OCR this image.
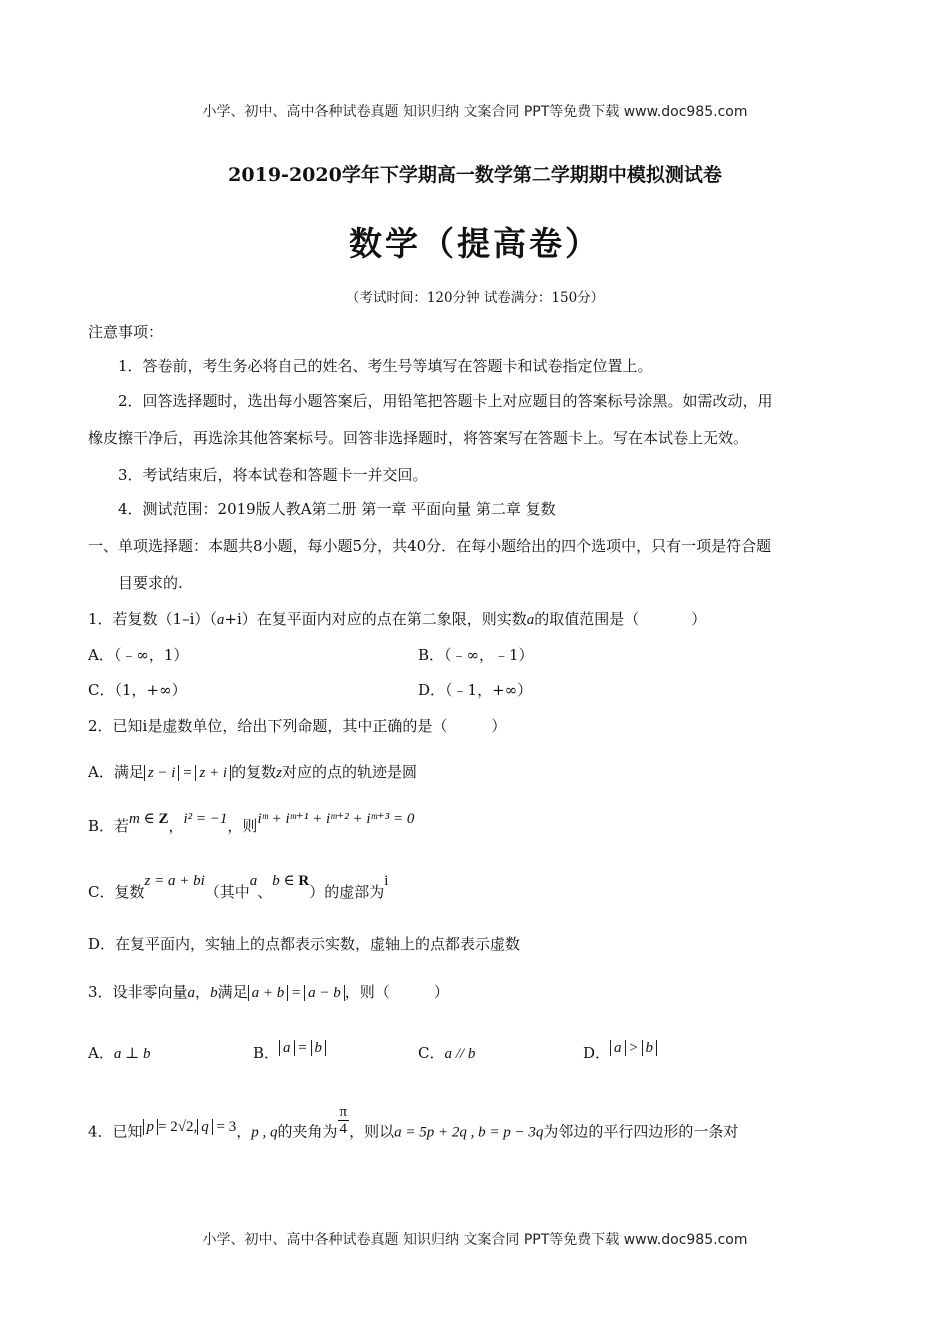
小学、初中、高中各种试卷真题 知识归纳 文案合同 PPT等免费下载 www.doc985.com
2019-2020学年下学期高一数学第二学期期中模拟测试卷
数学（提高卷）
（考试时间：120分钟 试卷满分：150分）

注意事项：

1．答卷前，考生务必将自己的姓名、考生号等填写在答题卡和试卷指定位置上。

2．回答选择题时，选出每小题答案后，用铅笔把答题卡上对应题目的答案标号涂黑。如需改动，用

橡皮擦干净后，再选涂其他答案标号。回答非选择题时，将答案写在答题卡上。写在本试卷上无效。

3．考试结束后，将本试卷和答题卡一并交回。

4．测试范围：2019版人教A第二册 第一章 平面向量 第二章 复数

一、单项选择题：本题共8小题，每小题5分，共40分．在每小题给出的四个选项中，只有一项是符合题

目要求的.

1．若复数（1–i）（a+i）在复平面内对应的点在第二象限，则实数a的取值范围是（	）

A．（﹣∞，1）	B．（﹣∞，﹣1）

C．（1，+∞）	D．（﹣1，+∞）

2．已知i是虚数单位，给出下列命题，其中正确的是（	）

A．满足 z − i = z + i 的复数z对应的点的轨迹是圆

B．若m ∈ Z，i² = −1，则iᵐ + iᵐ⁺¹ + iᵐ⁺² + iᵐ⁺³ = 0

C．复数z = a + bi（其中a、b ∈ R）的虚部为i

D．在复平面内，实轴上的点都表示实数，虚轴上的点都表示虚数

3．设非零向量a，b满足 a + b = a − b ，则（	）

A．a ⊥ b	B． a = b	C．a // b	D． a > b

4．已知 p = 2√2, q = 3，p , q的夹角为 $\frac{\pi}{4}$ ，则以a = 5p + 2q , b = p − 3q为邻边的平行四边形的一条对

小学、初中、高中各种试卷真题 知识归纳 文案合同 PPT等免费下载 www.doc985.com
